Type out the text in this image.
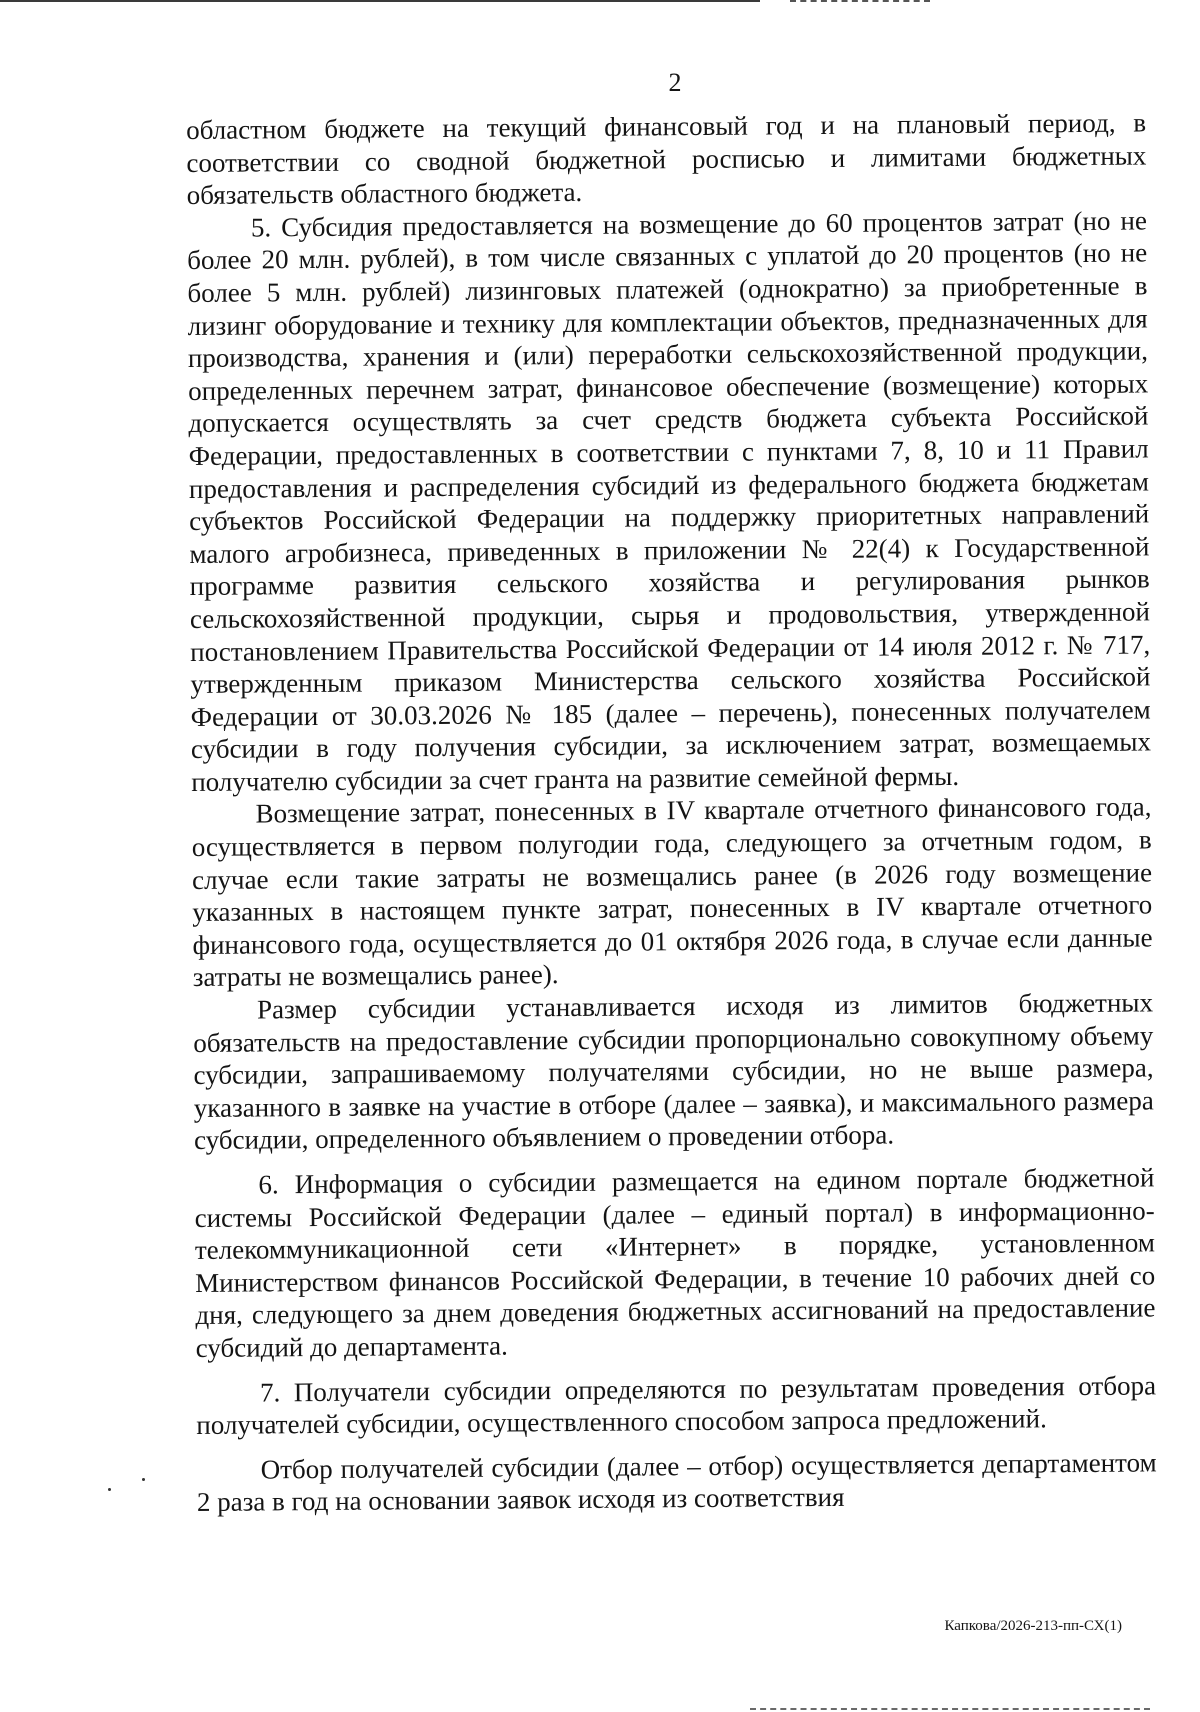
2

областном бюджете на текущий финансовый год и на плановый период, в соответствии со сводной бюджетной росписью и лимитами бюджетных обязательств областного бюджета.

5. Субсидия предоставляется на возмещение до 60 процентов затрат (но не более 20 млн. рублей), в том числе связанных с уплатой до 20 процентов (но не более 5 млн. рублей) лизинговых платежей (однократно) за приобретенные в лизинг оборудование и технику для комплектации объектов, предназначенных для производства, хранения и (или) переработки сельскохозяйственной продукции, определенных перечнем затрат, финансовое обеспечение (возмещение) которых допускается осуществлять за счет средств бюджета субъекта Российской Федерации, предоставленных в соответствии с пунктами 7, 8, 10 и 11 Правил предоставления и распределения субсидий из федерального бюджета бюджетам субъектов Российской Федерации на поддержку приоритетных направлений малого агробизнеса, приведенных в приложении № 22(4) к Государственной программе развития сельского хозяйства и регулирования рынков сельскохозяйственной продукции, сырья и продовольствия, утвержденной постановлением Правительства Российской Федерации от 14 июля 2012 г. № 717, утвержденным приказом Министерства сельского хозяйства Российской Федерации от 30.03.2026 № 185 (далее – перечень), понесенных получателем субсидии в году получения субсидии, за исключением затрат, возмещаемых получателю субсидии за счет гранта на развитие семейной фермы.

Возмещение затрат, понесенных в IV квартале отчетного финансового года, осуществляется в первом полугодии года, следующего за отчетным годом, в случае если такие затраты не возмещались ранее (в 2026 году возмещение указанных в настоящем пункте затрат, понесенных в IV квартале отчетного финансового года, осуществляется до 01 октября 2026 года, в случае если данные затраты не возмещались ранее).

Размер субсидии устанавливается исходя из лимитов бюджетных обязательств на предоставление субсидии пропорционально совокупному объему субсидии, запрашиваемому получателями субсидии, но не выше размера, указанного в заявке на участие в отборе (далее – заявка), и максимального размера субсидии, определенного объявлением о проведении отбора.

6. Информация о субсидии размещается на едином портале бюджетной системы Российской Федерации (далее – единый портал) в информационно-телекоммуникационной сети «Интернет» в порядке, установленном Министерством финансов Российской Федерации, в течение 10 рабочих дней со дня, следующего за днем доведения бюджетных ассигнований на предоставление субсидий до департамента.

7. Получатели субсидии определяются по результатам проведения отбора получателей субсидии, осуществленного способом запроса предложений.

Отбор получателей субсидии (далее – отбор) осуществляется департаментом 2 раза в год на основании заявок исходя из соответствия

Капкова/2026-213-пп-СХ(1)
